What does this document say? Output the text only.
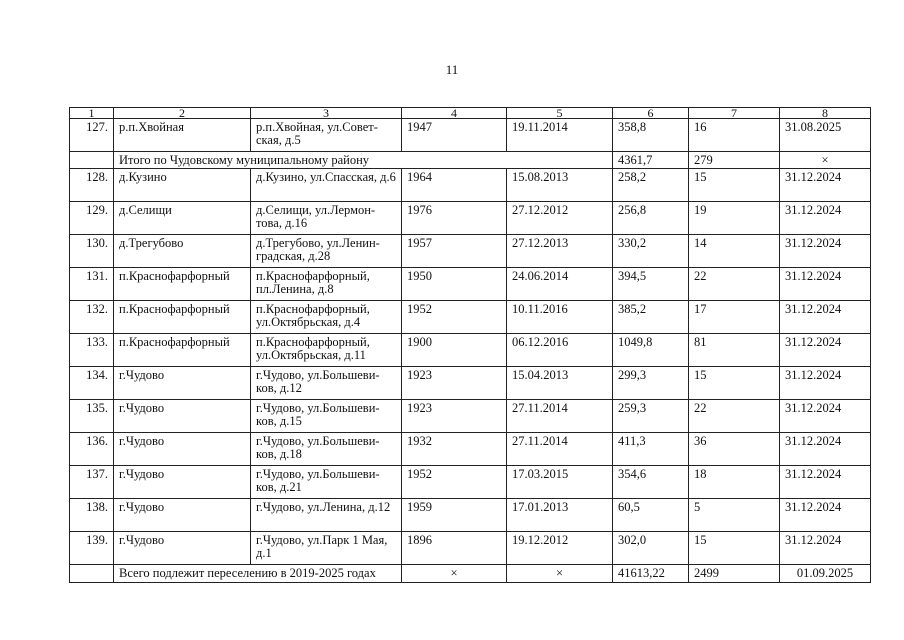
11
1	2	3	4	5	6	7	8
127.	р.п.Хвойная	р.п.Хвойная, ул.Совет-ская, д.5	1947	19.11.2014	358,8	16	31.08.2025
	Итого по Чудовскому муниципальному району				4361,7	279	×
128.	д.Кузино	д.Кузино, ул.Спасская, д.6	1964	15.08.2013	258,2	15	31.12.2024
129.	д.Селищи	д.Селищи, ул.Лермон-това, д.16	1976	27.12.2012	256,8	19	31.12.2024
130.	д.Трегубово	д.Трегубово, ул.Ленин-градская, д.28	1957	27.12.2013	330,2	14	31.12.2024
131.	п.Краснофарфорный	п.Краснофарфорный, пл.Ленина, д.8	1950	24.06.2014	394,5	22	31.12.2024
132.	п.Краснофарфорный	п.Краснофарфорный, ул.Октябрьская, д.4	1952	10.11.2016	385,2	17	31.12.2024
133.	п.Краснофарфорный	п.Краснофарфорный, ул.Октябрьская, д.11	1900	06.12.2016	1049,8	81	31.12.2024
134.	г.Чудово	г.Чудово, ул.Большеви-ков, д.12	1923	15.04.2013	299,3	15	31.12.2024
135.	г.Чудово	г.Чудово, ул.Большеви-ков, д.15	1923	27.11.2014	259,3	22	31.12.2024
136.	г.Чудово	г.Чудово, ул.Большеви-ков, д.18	1932	27.11.2014	411,3	36	31.12.2024
137.	г.Чудово	г.Чудово, ул.Большеви-ков, д.21	1952	17.03.2015	354,6	18	31.12.2024
138.	г.Чудово	г.Чудово, ул.Ленина, д.12	1959	17.01.2013	60,5	5	31.12.2024
139.	г.Чудово	г.Чудово, ул.Парк 1 Мая, д.1	1896	19.12.2012	302,0	15	31.12.2024
	Всего подлежит переселению в 2019-2025 годах		×	×	41613,22	2499	01.09.2025
